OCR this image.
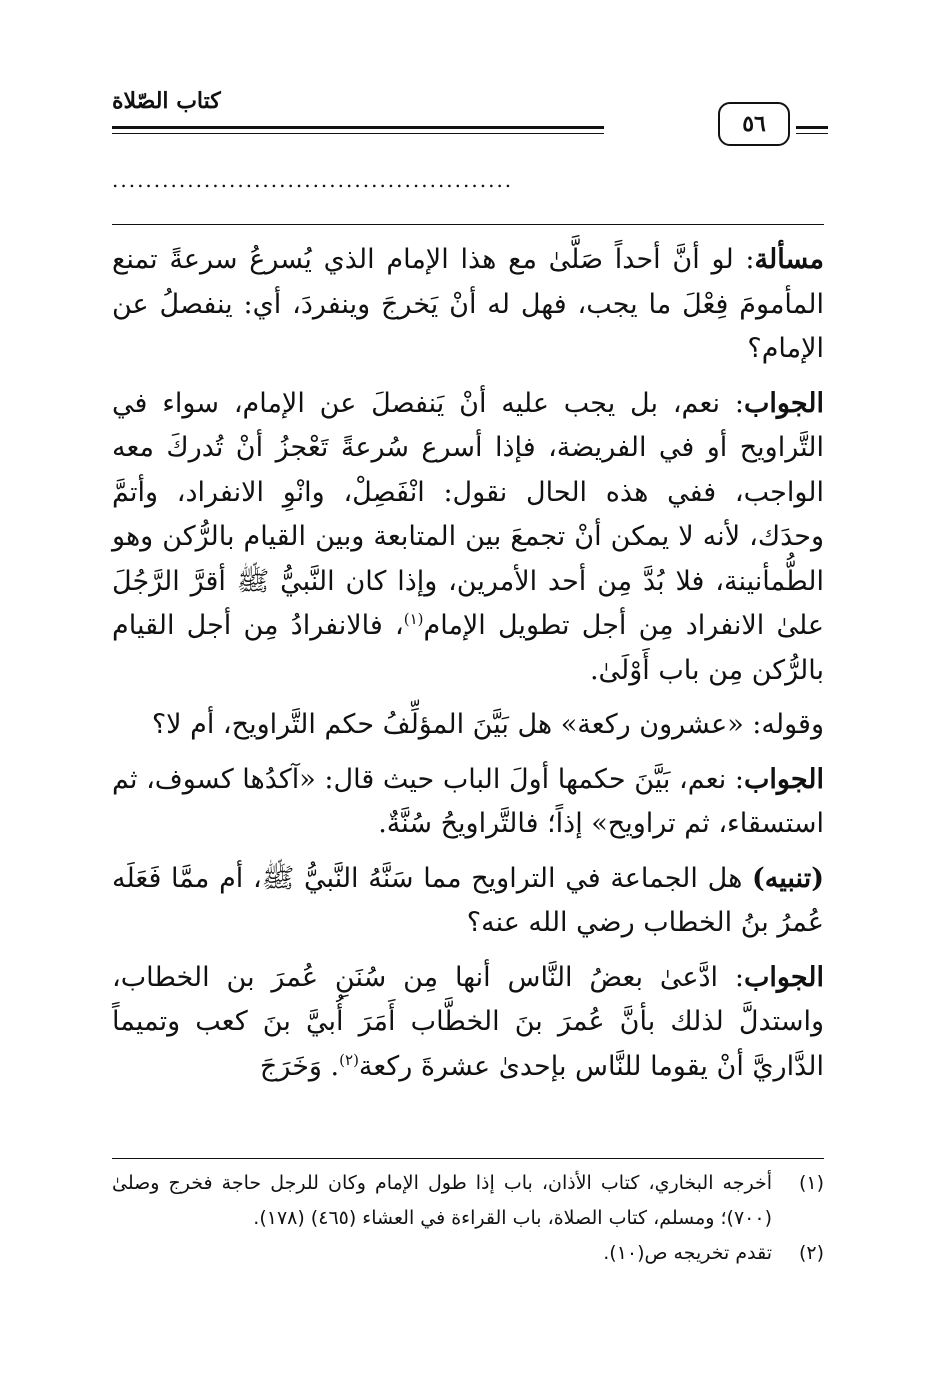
٥٦
كتاب الصّلاة
................................................

مسألة: لو أنَّ أحداً صَلَّىٰ مع هذا الإمام الذي يُسرعُ سرعةً تمنع المأمومَ فِعْلَ ما يجب، فهل له أنْ يَخرجَ وينفردَ، أي: ينفصلُ عن الإمام؟

الجواب: نعم، بل يجب عليه أنْ يَنفصلَ عن الإمام، سواء في التَّراويح أو في الفريضة، فإذا أسرع سُرعةً تَعْجزُ أنْ تُدركَ معه الواجب، ففي هذه الحال نقول: انْفَصِلْ، وانْوِ الانفراد، وأتمَّ وحدَك، لأنه لا يمكن أنْ تجمعَ بين المتابعة وبين القيام بالرُّكن وهو الطُّمأنينة، فلا بُدَّ مِن أحد الأمرين، وإذا كان النَّبيُّ ﷺ أقرَّ الرَّجُلَ علىٰ الانفراد مِن أجل تطويل الإمام$^{(١)}$، فالانفرادُ مِن أجل القيام بالرُّكن مِن باب أَوْلَىٰ.

وقوله: «عشرون ركعة» هل بَيَّنَ المؤلِّفُ حكم التَّراويح، أم لا؟

الجواب: نعم، بَيَّنَ حكمها أولَ الباب حيث قال: «آكدُها كسوف، ثم استسقاء، ثم تراويح» إذاً؛ فالتَّراويحُ سُنَّةٌ.

(تنبيه) هل الجماعة في التراويح مما سَنَّهُ النَّبيُّ ﷺ، أم ممَّا فَعَلَه عُمرُ بنُ الخطاب رضي الله عنه؟

الجواب: ادَّعىٰ بعضُ النَّاس أنها مِن سُنَنِ عُمرَ بن الخطاب، واستدلَّ لذلك بأنَّ عُمرَ بنَ الخطَّاب أَمَرَ أُبيَّ بنَ كعب وتميماً الدَّاريَّ أنْ يقوما للنَّاس بإحدىٰ عشرةَ ركعة$^{(٢)}$. وَخَرَجَ

(١)
أخرجه البخاري، كتاب الأذان، باب إذا طول الإمام وكان للرجل حاجة فخرج وصلىٰ (٧٠٠)؛ ومسلم، كتاب الصلاة، باب القراءة في العشاء (٤٦٥) (١٧٨).
(٢)
تقدم تخريجه ص(١٠).
